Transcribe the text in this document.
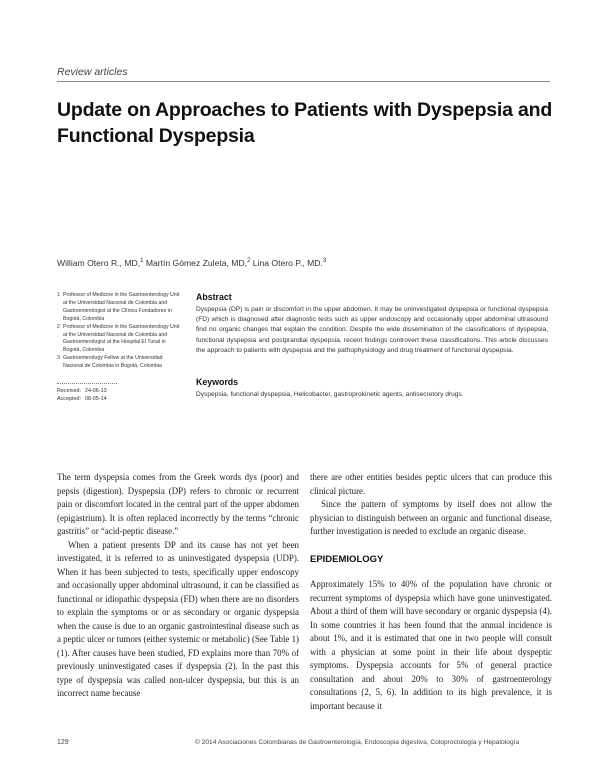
Review articles
Update on Approaches to Patients with Dyspepsia and Functional Dyspepsia
William Otero R., MD,$^1$ Martín Gómez Zuleta, MD,$^2$ Lina Otero P., MD.$^3$
1 Professor of Medicine in the Gastroenterology Unit at the Universidad Nacional de Colombia and Gastroenterologist at the Clínica Fundadores in Bogotá, Colombia
2 Professor of Medicine in the Gastroenterology Unit at the Universidad Nacional de Colombia and Gastroenterologist at the Hospital El Tunal in Bogotá, Colombia
3 Gastroenterology Fellow at the Universidad Nacional de Colombia in Bogotá, Colombia
Received: 24-06-13
Accepted: 08-05-14
Abstract
Dyspepsia (DP) is pain or discomfort in the upper abdomen. It may be uninvestigated dyspepsia or functional dyspepsia (FD) which is diagnosed after diagnostic tests such as upper endoscopy and occasionally upper abdominal ultrasound find no organic changes that explain the condition. Despite the wide dissemination of the classifications of dyspepsia, functional dyspepsia and postprandial dyspepsia, recent findings controvert these classifications. This article discusses the approach to patients with dyspepsia and the pathophysiology and drug treatment of functional dyspepsia.
Keywords
Dyspepsia, functional dyspepsia, Helicobacter, gastroprokinetic agents, antisecretory drugs.

The term dyspepsia comes from the Greek words dys (poor) and pepsis (digestion). Dyspepsia (DP) refers to chronic or recurrent pain or discomfort located in the central part of the upper abdomen (epigastrium). It is often replaced incorrectly by the terms “chronic gastritis” or “acid-peptic disease.”

When a patient presents DP and its cause has not yet been investigated, it is referred to as uninvestigated dyspepsia (UDP). When it has been subjected to tests, specifically upper endoscopy and occasionally upper abdominal ultrasound, it can be classified as functional or idiopathic dyspepsia (FD) when there are no disorders to explain the symptoms or or as secondary or organic dyspepsia when the cause is due to an organic gastrointestinal disease such as a peptic ulcer or tumors (either systemic or metabolic) (See Table 1) (1). After causes have been studied, FD explains more than 70% of previously uninvestigated cases if dyspepsia (2). In the past this type of dyspepsia was called non-ulcer dyspepsia, but this is an incorrect name because

there are other entities besides peptic ulcers that can produce this clinical picture.

Since the pattern of symptoms by itself does not allow the physician to distinguish between an organic and functional disease, further investigation is needed to exclude an organic disease.

EPIDEMIOLOGY

Approximately 15% to 40% of the population have chronic or recurrent symptoms of dyspepsia which have gone uninvestigated. About a third of them will have secondary or organic dyspepsia (4). In some countries it has been found that the annual incidence is about 1%, and it is estimated that one in two people will consult with a physician at some point in their life about dyspeptic symptoms. Dyspepsia accounts for 5% of general practice consultation and about 20% to 30% of gastroenterology consultations (2, 5, 6). In addition to its high prevalence, it is important because it

129	© 2014 Asociaciones Colombianas de Gastroenterología, Endoscopia digestiva, Coloproctología y Hepatología
